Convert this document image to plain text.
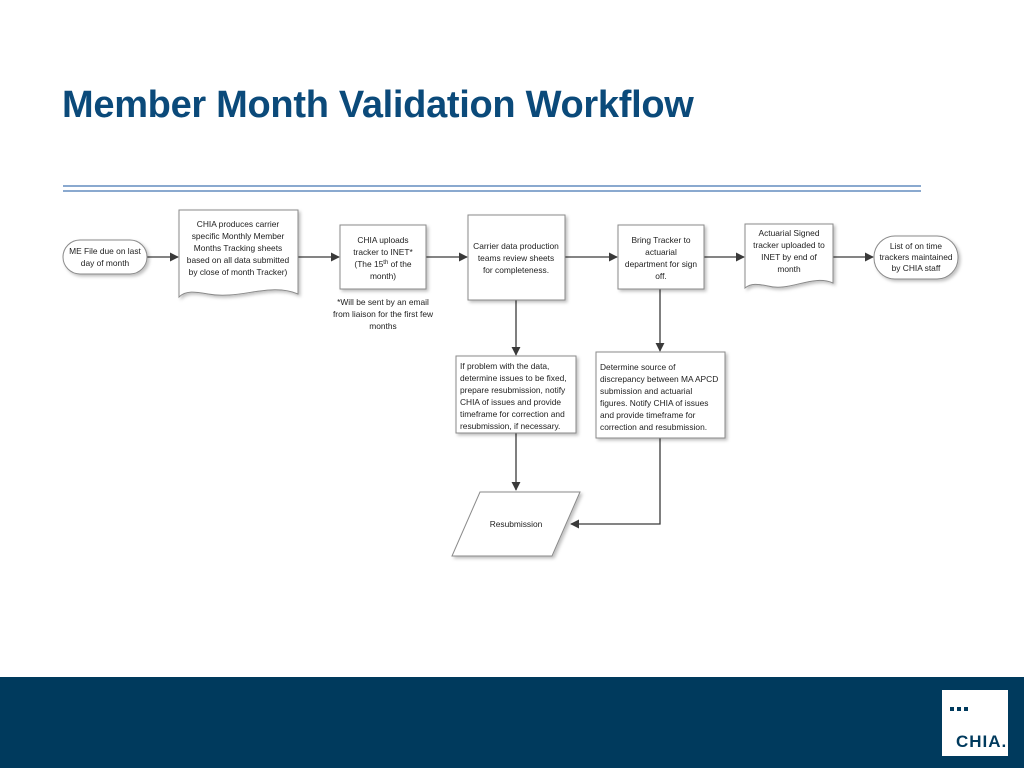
Member Month Validation Workflow
ME File due on last
day of month
CHIA produces carrier
specific Monthly Member
Months Tracking sheets
based on all data submitted
by close of month Tracker)
CHIA uploads
tracker to INET*
(The 15th of the
month)
Carrier data production
teams review sheets
for completeness.
Bring Tracker to
actuarial
department for sign
off.
Actuarial Signed
tracker uploaded to
INET by end of
month
List of on time
trackers maintained
by CHIA staff
If problem with the data,
determine issues to be fixed,
prepare resubmission, notify
CHIA of issues and provide
timeframe for correction and
resubmission, if necessary.
Determine source of
discrepancy between MA APCD
submission and actuarial
figures. Notify CHIA of issues
and provide timeframe for
correction and resubmission.
Resubmission
*Will be sent by an email
from liaison for the first few
months
CHIA.
